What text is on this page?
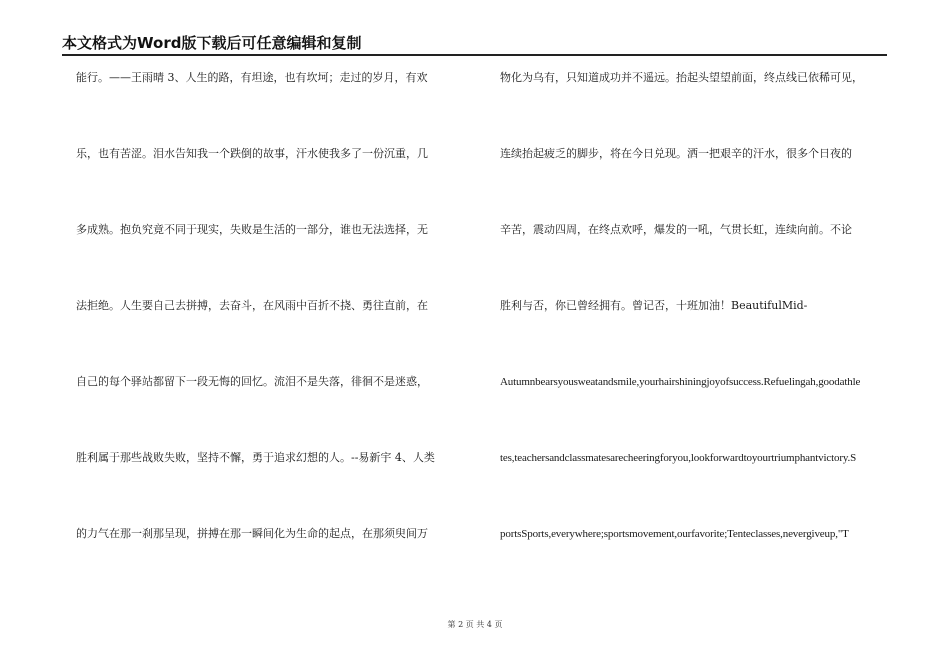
本文格式为Word版下载后可任意编辑和复制
能行。——王雨晴 3、人生的路，有坦途，也有坎坷；走过的岁月，有欢
乐，也有苦涩。泪水告知我一个跌倒的故事，汗水使我多了一份沉重，几
多成熟。抱负究竟不同于现实，失败是生活的一部分，谁也无法选择，无
法拒绝。人生要自己去拼搏，去奋斗，在风雨中百折不挠、勇往直前，在
自己的每个驿站都留下一段无悔的回忆。流泪不是失落，徘徊不是迷惑，
胜利属于那些战败失败，坚持不懈，勇于追求幻想的人。--易新宇 4、人类
的力气在那一刹那呈现，拼搏在那一瞬间化为生命的起点，在那须臾间万
物化为乌有，只知道成功并不遥远。抬起头望望前面，终点线已依稀可见，
连续抬起疲乏的脚步，将在今日兑现。洒一把艰辛的汗水，很多个日夜的
辛苦，震动四周，在终点欢呼，爆发的一吼，气贯长虹，连续向前。不论
胜利与否，你已曾经拥有。曾记否，十班加油！BeautifulMid-
Autumnbearsyousweatandsmile,yourhairshiningjoyofsuccess.Refuelingah,goodathle
tes,teachersandclassmatesarecheeringforyou,lookforwardtoyourtriumphantvictory.S
portsSports,everywhere;sportsmovement,ourfavorite;Tenteclasses,nevergiveup,"T
第 2 页 共 4 页
